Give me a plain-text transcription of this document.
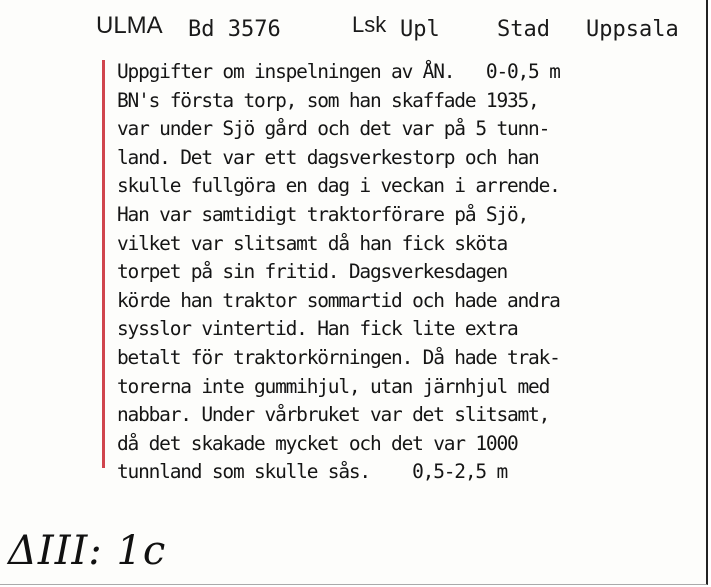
ULMA Bd 3576	Lsk Upl	Stad Uppsala
Uppgifter om inspelningen av ÅN.   0-0,5 m
BN's första torp, som han skaffade 1935,
var under Sjö gård och det var på 5 tunn-
land. Det var ett dagsverkestorp och han
skulle fullgöra en dag i veckan i arrende.
Han var samtidigt traktorförare på Sjö,
vilket var slitsamt då han fick sköta
torpet på sin fritid. Dagsverkesdagen
körde han traktor sommartid och hade andra
sysslor vintertid. Han fick lite extra
betalt för traktorkörningen. Då hade trak-
torerna inte gummihjul, utan järnhjul med
nabbar. Under vårbruket var det slitsamt,
då det skakade mycket och det var 1000
tunnland som skulle sås.    0,5-2,5 m
ΔIII: 1c
